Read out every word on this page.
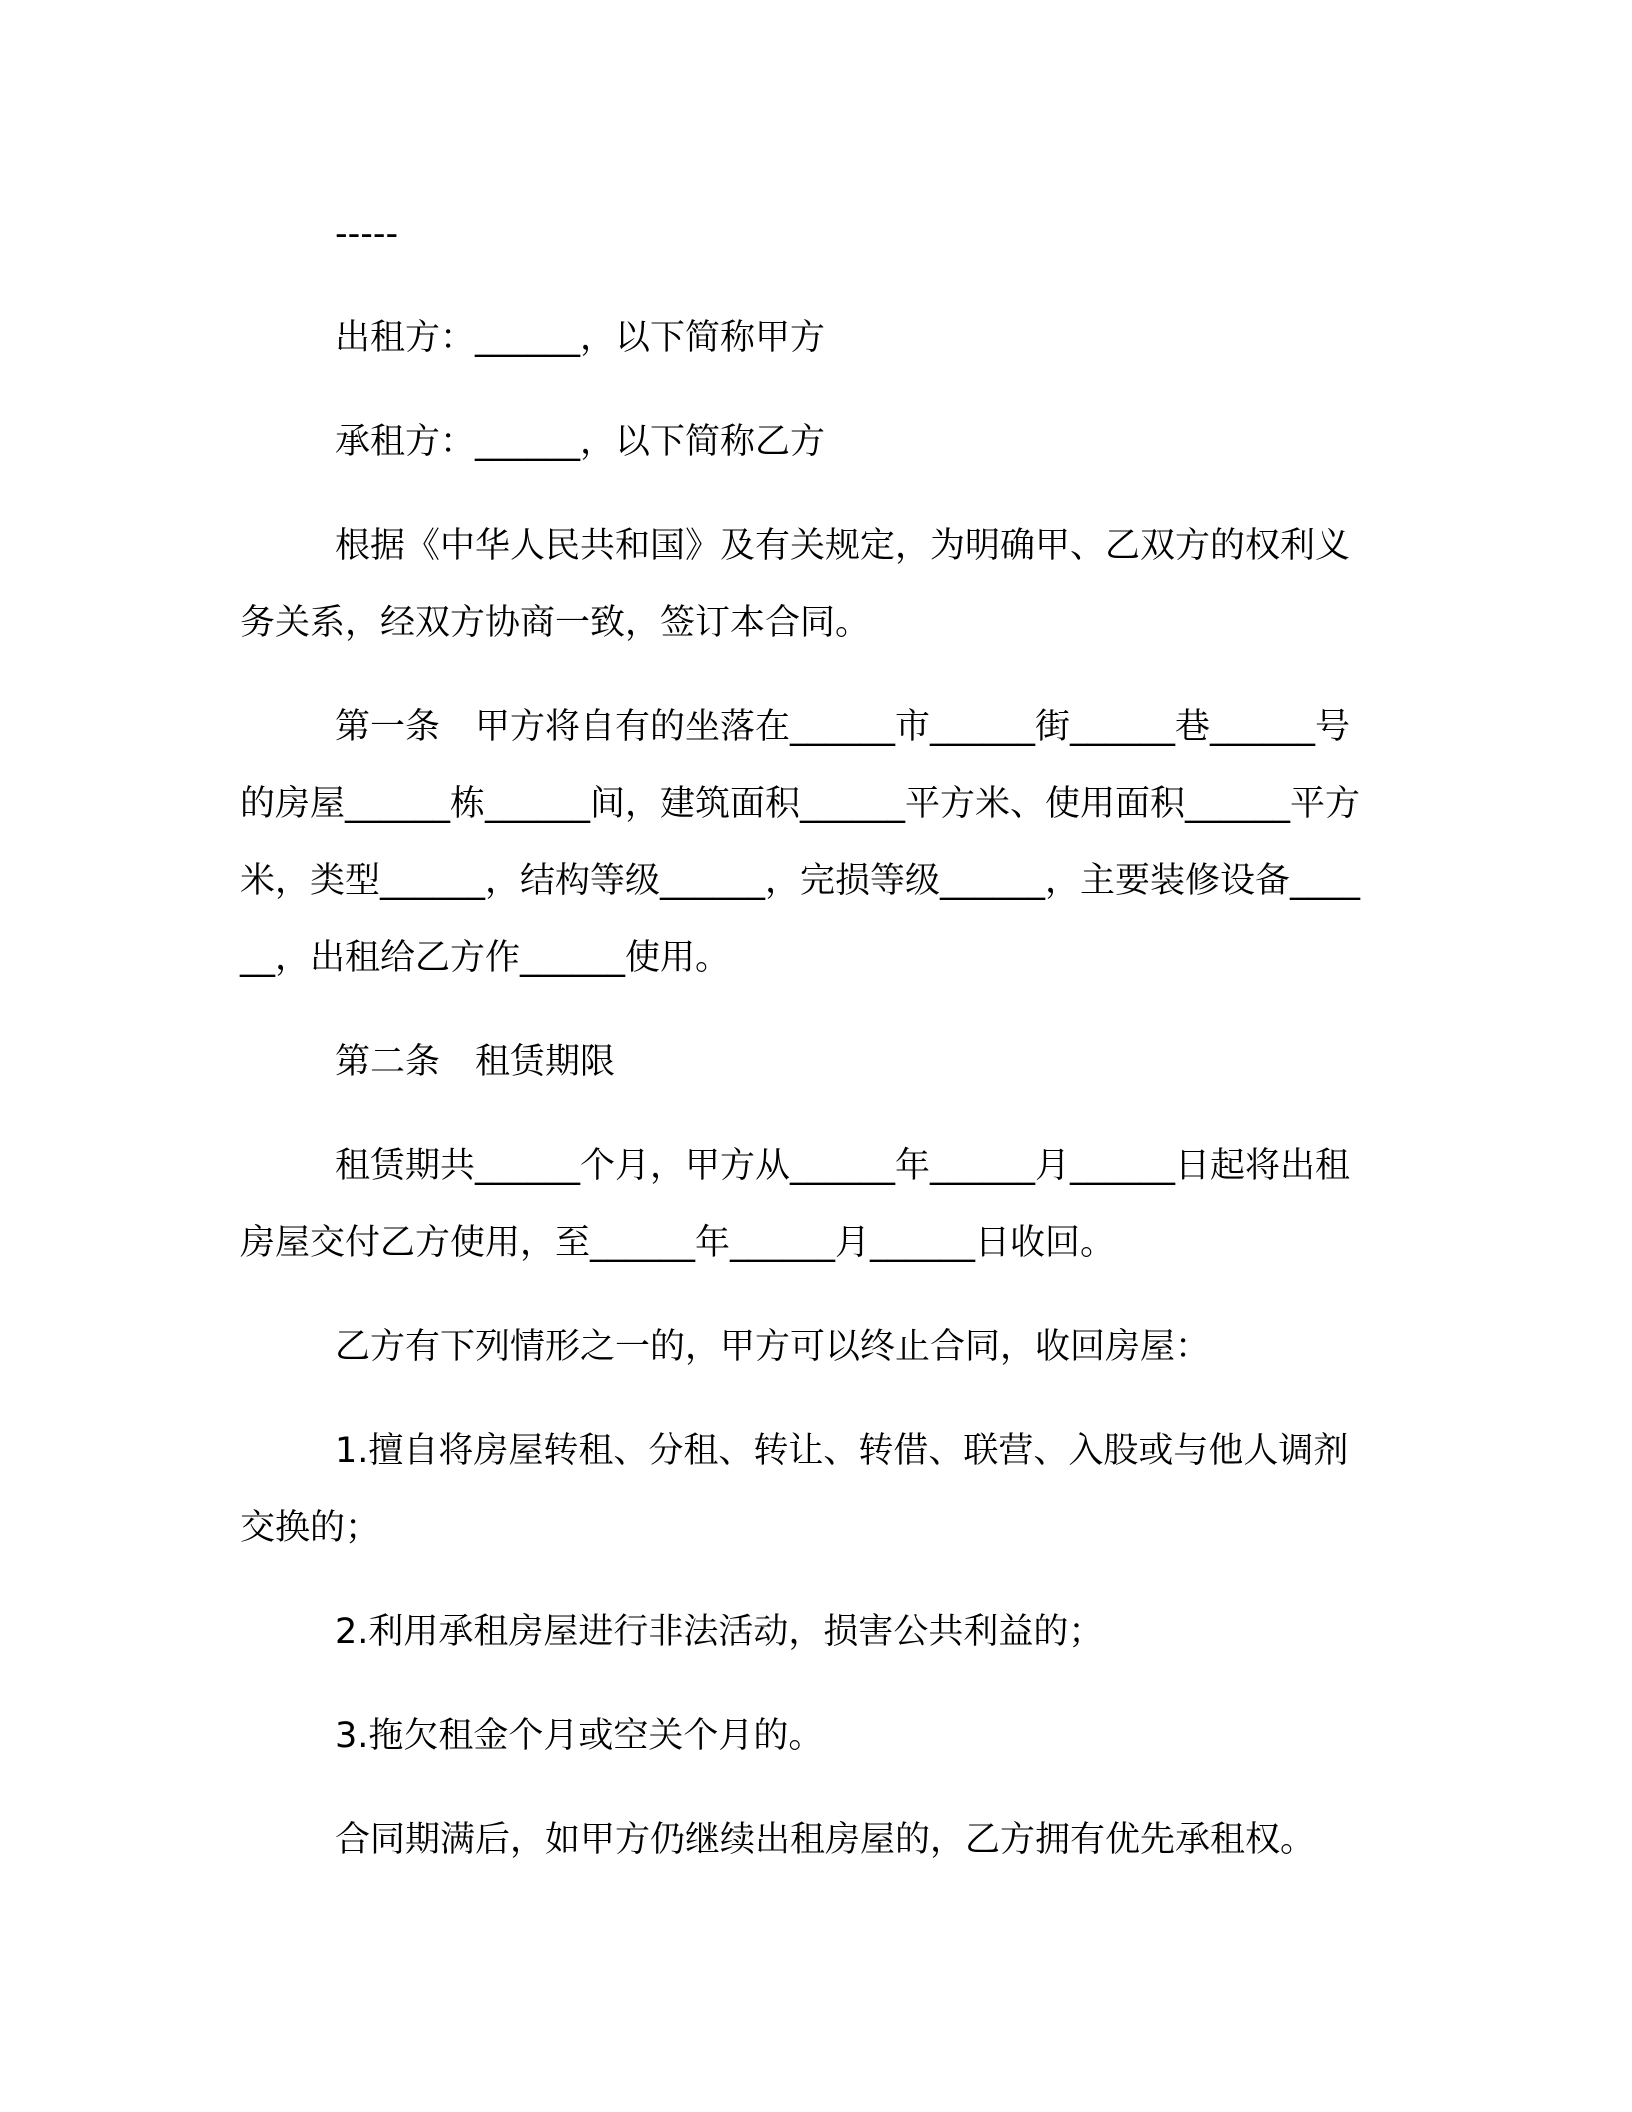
-----

出租方：______，以下简称甲方

承租方：______，以下简称乙方

根据《中华人民共和国》及有关规定，为明确甲、乙双方的权利义务关系，经双方协商一致，签订本合同。

第一条　甲方将自有的坐落在______市______街______巷______号的房屋______栋______间，建筑面积______平方米、使用面积______平方米，类型______，结构等级______，完损等级______，主要装修设备______，出租给乙方作______使用。

第二条　租赁期限

租赁期共______个月，甲方从______年______月______日起将出租房屋交付乙方使用，至______年______月______日收回。

乙方有下列情形之一的，甲方可以终止合同，收回房屋：

1.擅自将房屋转租、分租、转让、转借、联营、入股或与他人调剂交换的；

2.利用承租房屋进行非法活动，损害公共利益的；

3.拖欠租金个月或空关个月的。

合同期满后，如甲方仍继续出租房屋的，乙方拥有优先承租权。
